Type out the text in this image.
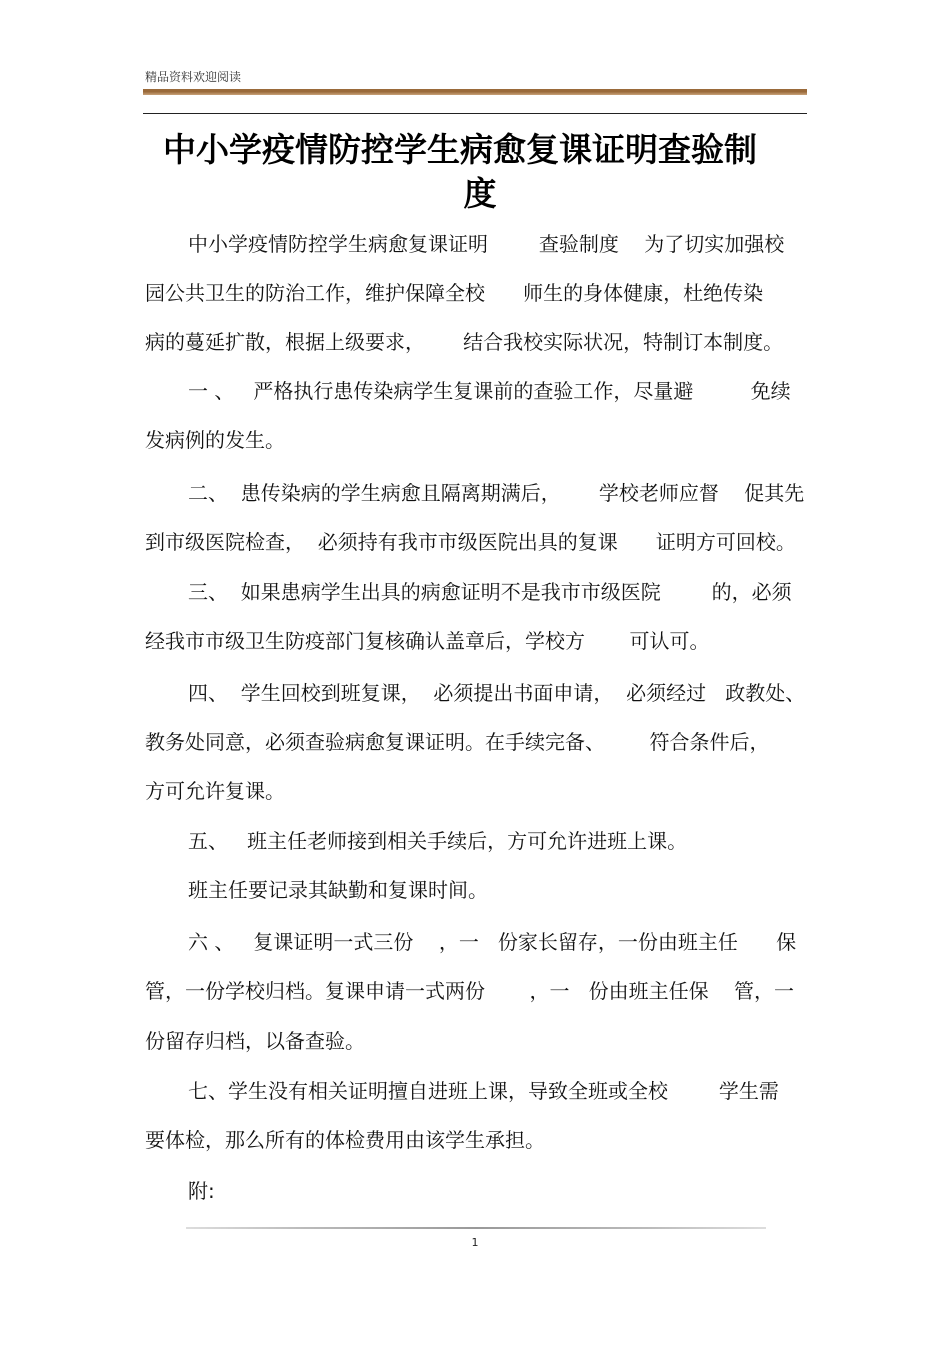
精品资料欢迎阅读
中小学疫情防控学生病愈复课证明查验制
度
中小学疫情防控学生病愈复课证明        查验制度    为了切实加强校
园公共卫生的防治工作，维护保障全校      师生的身体健康，杜绝传染
病的蔓延扩散，根据上级要求，      结合我校实际状况，特制订本制度。
一 、   严格执行患传染病学生复课前的查验工作，尽量避         免续
发病例的发生。
二、  患传染病的学生病愈且隔离期满后，      学校老师应督    促其先
到市级医院检查，  必须持有我市市级医院出具的复课      证明方可回校。
三、  如果患病学生出具的病愈证明不是我市市级医院        的，必须
经我市市级卫生防疫部门复核确认盖章后，学校方       可认可。
四、  学生回校到班复课，  必须提出书面申请，  必须经过   政教处、
教务处同意，必须查验病愈复课证明。在手续完备、       符合条件后，
方可允许复课。
五、   班主任老师接到相关手续后，方可允许进班上课。
班主任要记录其缺勤和复课时间。
六 、   复课证明一式三份    ，一   份家长留存，一份由班主任      保
管，一份学校归档。复课申请一式两份       ，一   份由班主任保    管，一
份留存归档，以备查验。
七、学生没有相关证明擅自进班上课，导致全班或全校        学生需
要体检，那么所有的体检费用由该学生承担。
附:
1
